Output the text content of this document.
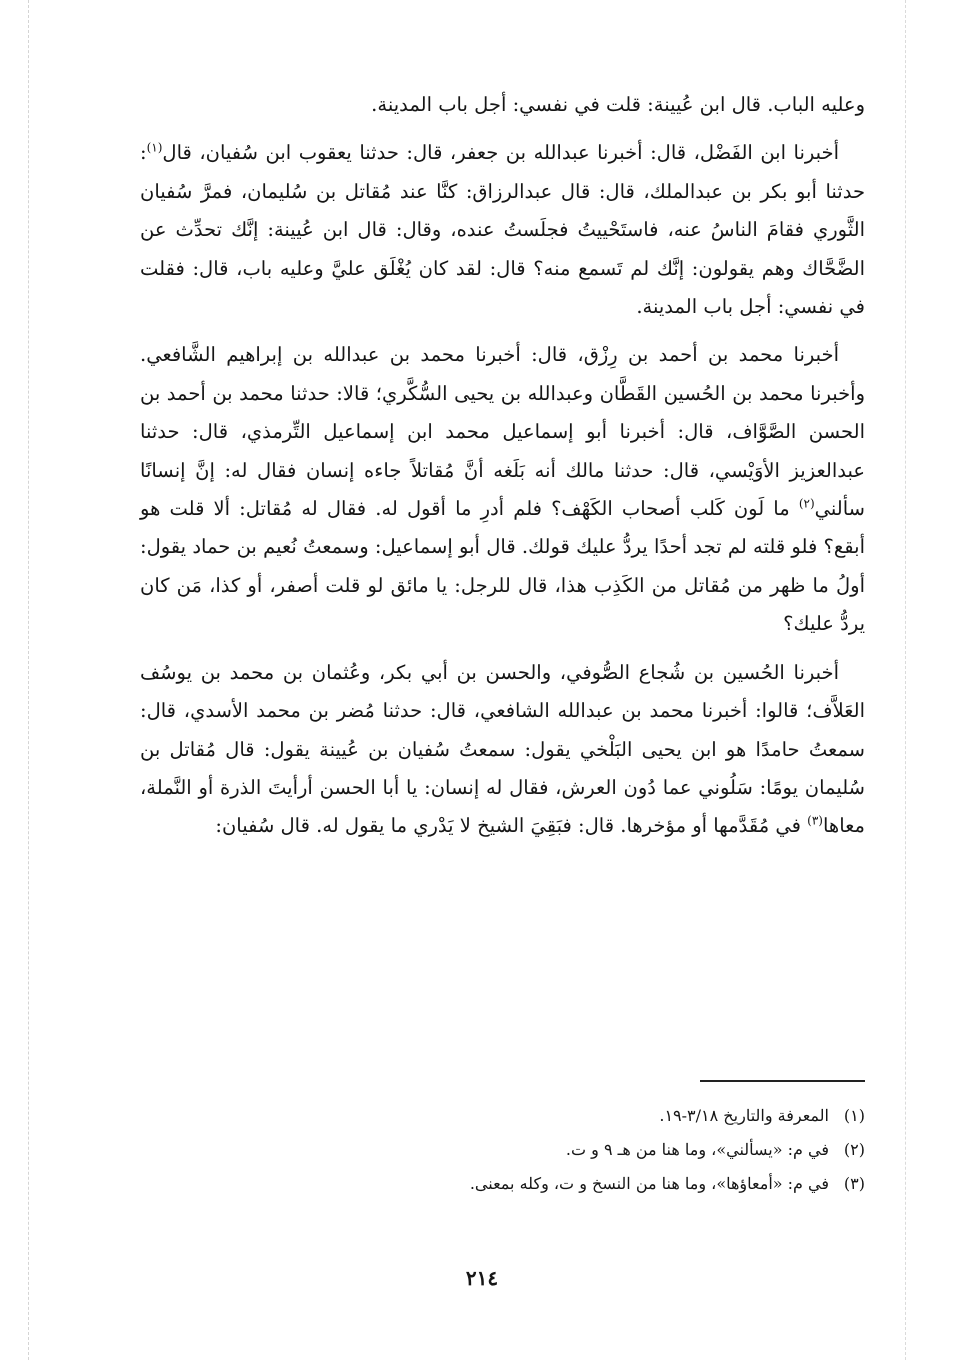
وعليه الباب. قال ابن عُيينة: قلت في نفسي: أجل باب المدينة.

أخبرنا ابن الفَضْل، قال: أخبرنا عبدالله بن جعفر، قال: حدثنا يعقوب ابن سُفيان، قال$^{(١)}$: حدثنا أبو بكر بن عبدالملك، قال: قال عبدالرزاق: كنَّا عند مُقاتل بن سُليمان، فمرَّ سُفيان الثَّوري فقامَ الناسُ عنه، فاستَحْييتُ فجلَستُ عنده، وقال: قال ابن عُيينة: إنَّك تحدِّث عن الضَّحَّاك وهم يقولون: إنَّك لم تَسمع منه؟ قال: لقد كان يُغْلَق عليَّ وعليه باب، قال: فقلت في نفسي: أجل باب المدينة.

أخبرنا محمد بن أحمد بن رِزْق، قال: أخبرنا محمد بن عبدالله بن إبراهيم الشَّافعي. وأخبرنا محمد بن الحُسين القَطَّان وعبدالله بن يحيى السُّكَّري؛ قالا: حدثنا محمد بن أحمد بن الحسن الصَّوَّاف، قال: أخبرنا أبو إسماعيل محمد ابن إسماعيل التِّرمذي، قال: حدثنا عبدالعزيز الأوَيْسي، قال: حدثنا مالك أنه بَلَغه أنَّ مُقاتلاً جاءه إنسان فقال له: إنَّ إنسانًا سألني$^{(٢)}$ ما لَون كَلب أصحاب الكَهْف؟ فلم أدرِ ما أقول له. فقال له مُقاتل: ألا قلت هو أبقع؟ فلو قلته لم تجد أحدًا يردُّ عليك قولك. قال أبو إسماعيل: وسمعتُ نُعيم بن حماد يقول: أولُ ما ظهر من مُقاتل من الكَذِب هذا، قال للرجل: يا مائق لو قلت أصفر، أو كذا، مَن كان يردُّ عليك؟

أخبرنا الحُسين بن شُجاع الصُّوفي، والحسن بن أبي بكر، وعُثمان بن محمد بن يوسُف العَلاَّف؛ قالوا: أخبرنا محمد بن عبدالله الشافعي، قال: حدثنا مُضر بن محمد الأسدي، قال: سمعتُ حامدًا هو ابن يحيى البَلْخي يقول: سمعتُ سُفيان بن عُيينة يقول: قال مُقاتل بن سُليمان يومًا: سَلُوني عما دُون العرش، فقال له إنسان: يا أبا الحسن أرأيتَ الذرة أو النَّملة، معاها$^{(٣)}$ في مُقَدَّمها أو مؤخرها. قال: فبَقِيَ الشيخ لا يَدْري ما يقول له. قال سُفيان:

(١)
المعرفة والتاريخ ٣/١٨-١٩.
(٢)
في م: «يسألني»، وما هنا من هـ ٩ و ت.
(٣)
في م: «أمعاؤها»، وما هنا من النسخ و ت، وكله بمعنى.
٢١٤
